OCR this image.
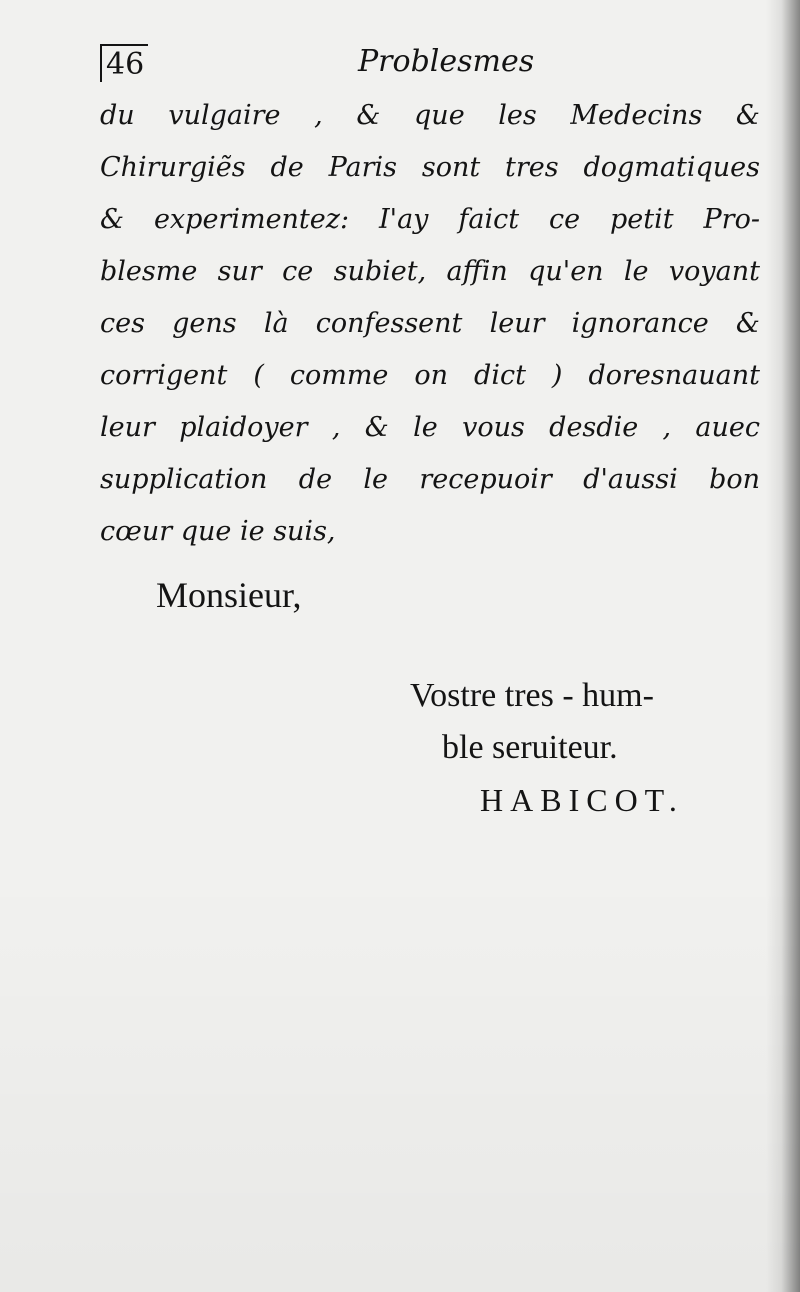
46	Problesmes
du vulgaire , & que les Medecins &
Chirurgiẽs de Paris sont tres dogmatiques
& experimentez: I'ay faict ce petit Pro-
blesme sur ce subiet, affin qu'en le voyant
ces gens là confessent leur ignorance &
corrigent ( comme on dict ) doresnauant
leur plaidoyer , & le vous desdie , auec
supplication de le recepuoir d'aussi bon
cœur
que
ie
suis,
Monsieur,
Vostre tres - hum-
ble seruiteur.
HABICOT.
